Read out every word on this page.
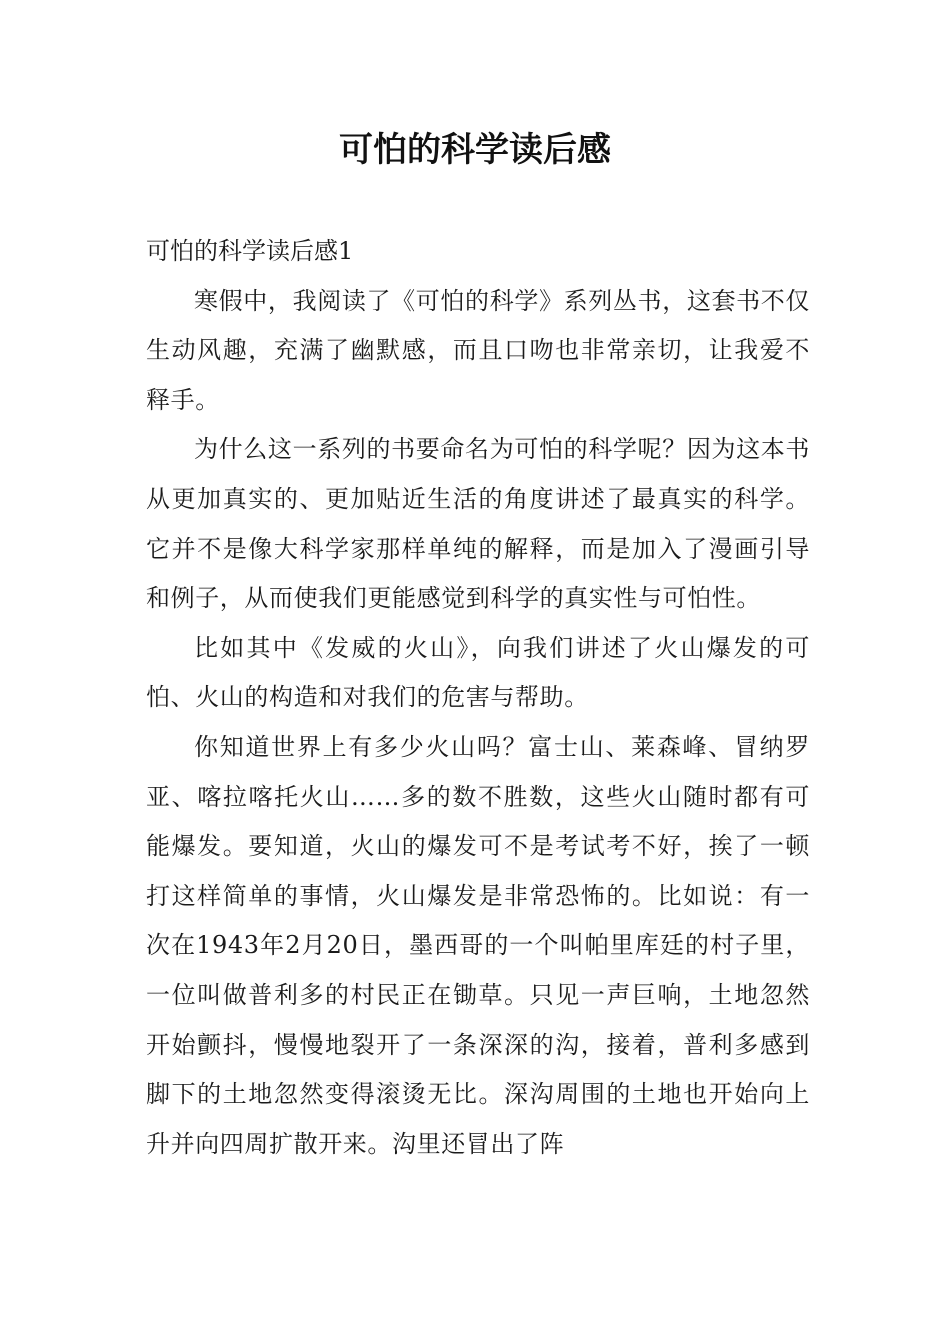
可怕的科学读后感

可怕的科学读后感1

寒假中，我阅读了《可怕的科学》系列丛书，这套书不仅生动风趣，充满了幽默感，而且口吻也非常亲切，让我爱不释手。

为什么这一系列的书要命名为可怕的科学呢？因为这本书从更加真实的、更加贴近生活的角度讲述了最真实的科学。它并不是像大科学家那样单纯的解释，而是加入了漫画引导和例子，从而使我们更能感觉到科学的真实性与可怕性。

比如其中《发威的火山》，向我们讲述了火山爆发的可怕、火山的构造和对我们的危害与帮助。

你知道世界上有多少火山吗？富士山、莱森峰、冒纳罗亚、喀拉喀托火山……多的数不胜数，这些火山随时都有可能爆发。要知道，火山的爆发可不是考试考不好，挨了一顿打这样简单的事情，火山爆发是非常恐怖的。比如说：有一次在1943年2月20日，墨西哥的一个叫帕里库廷的村子里，一位叫做普利多的村民正在锄草。只见一声巨响，土地忽然开始颤抖，慢慢地裂开了一条深深的沟，接着，普利多感到脚下的土地忽然变得滚烫无比。深沟周围的土地也开始向上升并向四周扩散开来。沟里还冒出了阵
